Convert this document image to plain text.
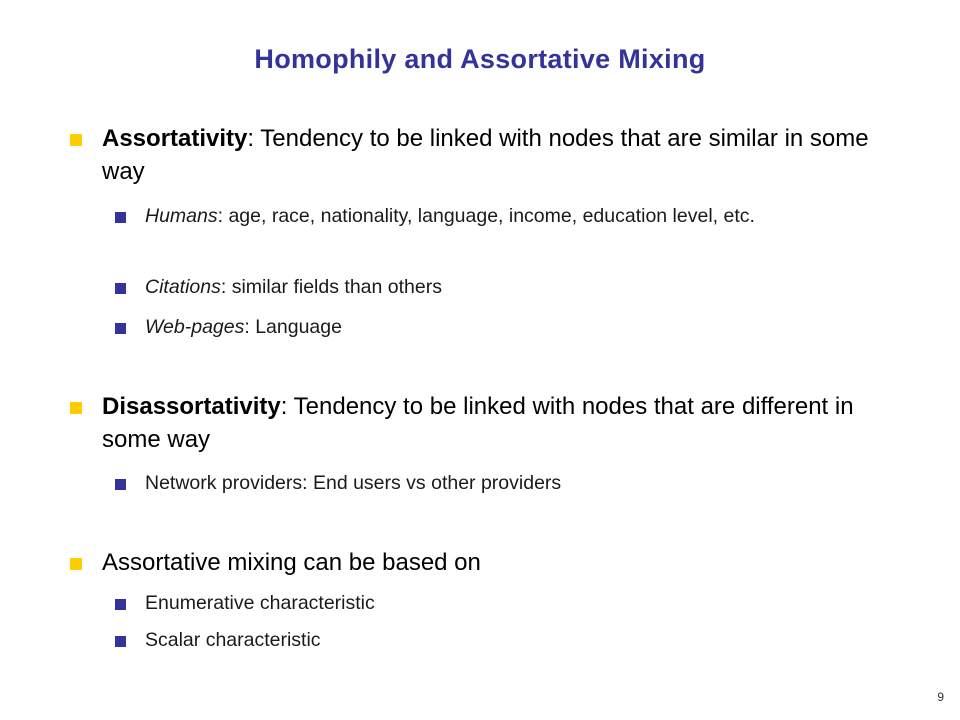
Homophily and Assortative Mixing
Assortativity: Tendency to be linked with nodes that are similar in some way
Humans: age, race, nationality, language, income, education level, etc.
Citations: similar fields than others
Web-pages: Language
Disassortativity: Tendency to be linked with nodes that are different in some way
Network providers: End users vs other providers
Assortative mixing can be based on
Enumerative characteristic
Scalar characteristic
9
